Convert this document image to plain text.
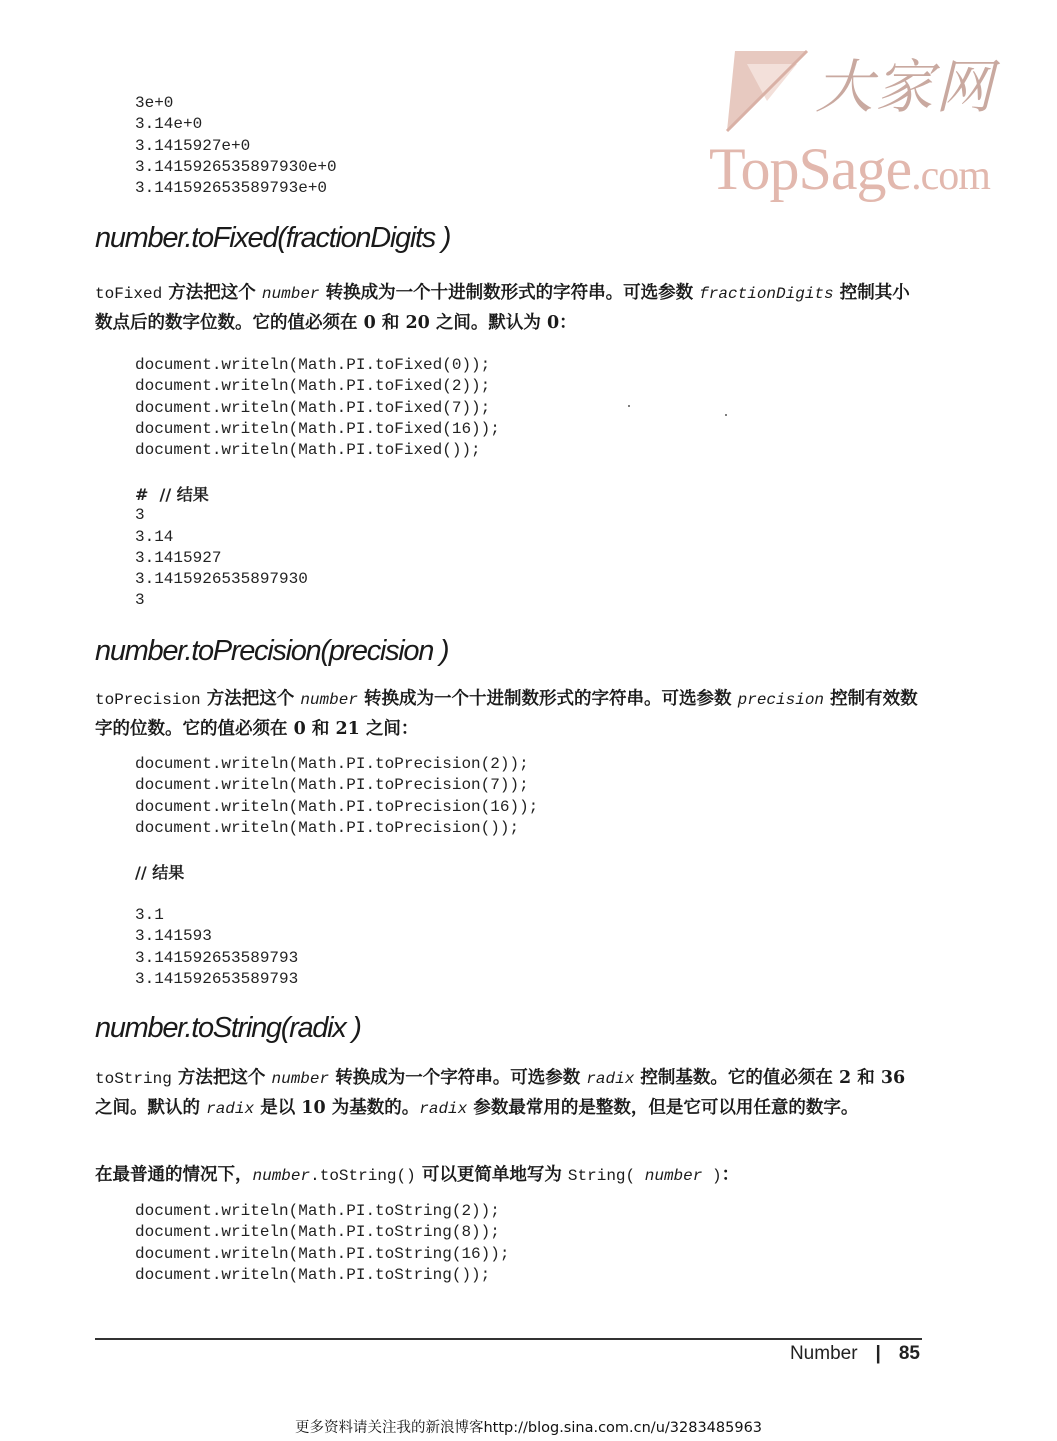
大家网
TopSage.com
3e+0
3.14e+0
3.1415927e+0
3.1415926535897930e+0
3.141592653589793e+0
number.toFixed(fractionDigits )

toFixed 方法把这个 number 转换成为一个十进制数形式的字符串。可选参数 fractionDigits 控制其小数点后的数字位数。它的值必须在 0 和 20 之间。默认为 0：

document.writeln(Math.PI.toFixed(0));
document.writeln(Math.PI.toFixed(2));
document.writeln(Math.PI.toFixed(7));
document.writeln(Math.PI.toFixed(16));
document.writeln(Math.PI.toFixed());
#  // 结果
3
3.14
3.1415927
3.1415926535897930
3
number.toPrecision(precision )

toPrecision 方法把这个 number 转换成为一个十进制数形式的字符串。可选参数 precision 控制有效数字的位数。它的值必须在 0 和 21 之间：

document.writeln(Math.PI.toPrecision(2));
document.writeln(Math.PI.toPrecision(7));
document.writeln(Math.PI.toPrecision(16));
document.writeln(Math.PI.toPrecision());
// 结果
3.1
3.141593
3.141592653589793
3.141592653589793
number.toString(radix )

toString 方法把这个 number 转换成为一个字符串。可选参数 radix 控制基数。它的值必须在 2 和 36 之间。默认的 radix 是以 10 为基数的。radix 参数最常用的是整数，但是它可以用任意的数字。

在最普通的情况下，number.toString() 可以更简单地写为 String( number )：

document.writeln(Math.PI.toString(2));
document.writeln(Math.PI.toString(8));
document.writeln(Math.PI.toString(16));
document.writeln(Math.PI.toString());
Number | 85
更多资料请关注我的新浪博客http://blog.sina.com.cn/u/3283485963
